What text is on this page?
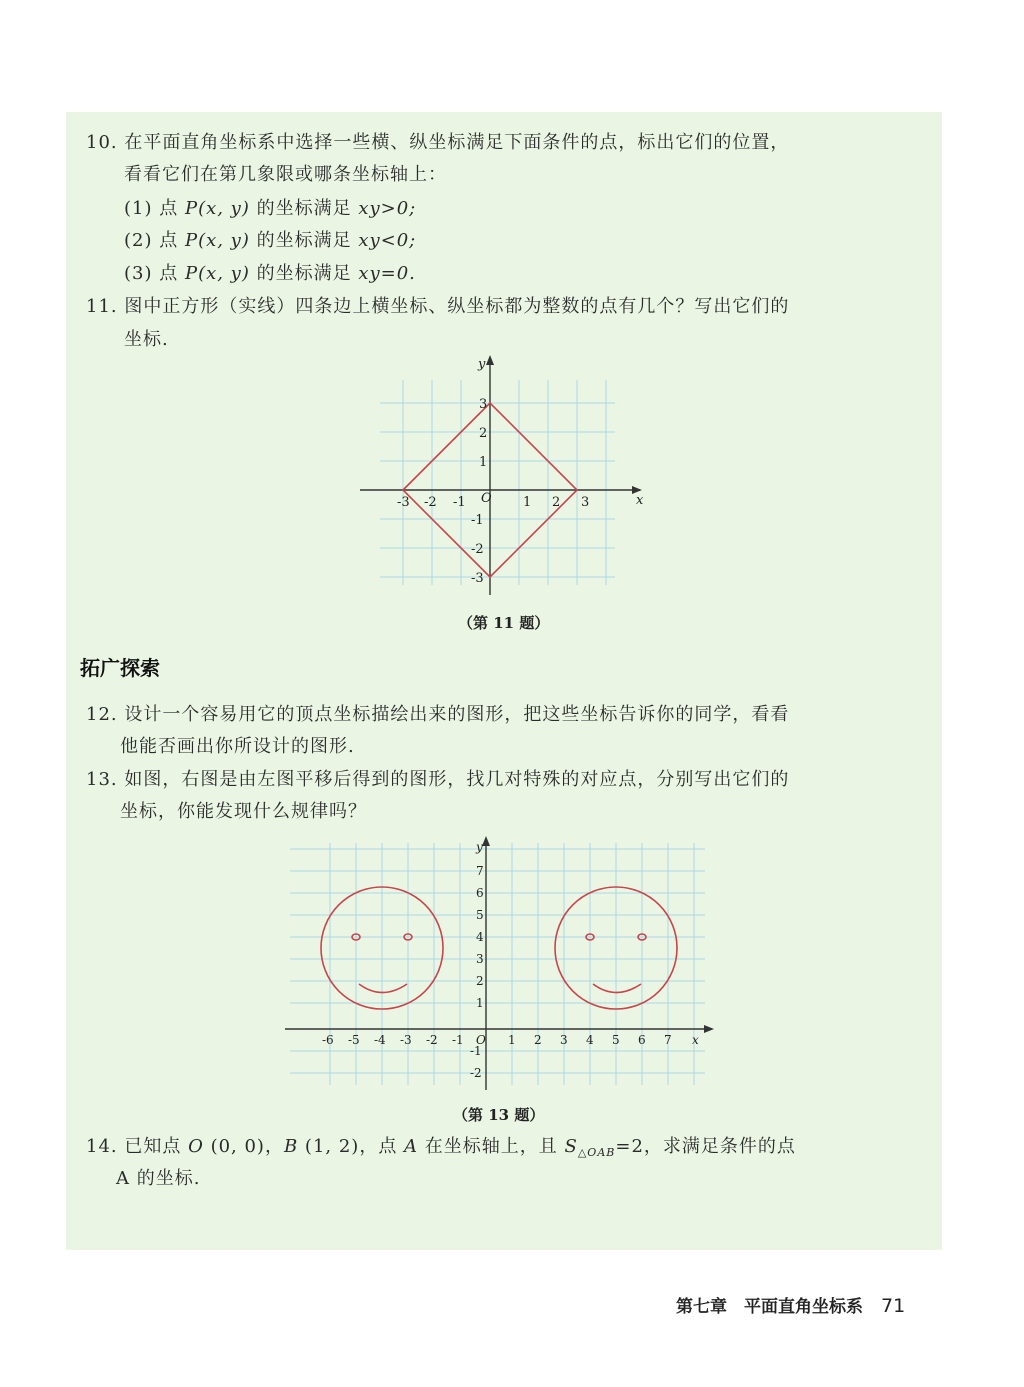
10. 在平面直角坐标系中选择一些横、纵坐标满足下面条件的点，标出它们的位置，
看看它们在第几象限或哪条坐标轴上：
(1) 点 P(x, y) 的坐标满足 xy>0;
(2) 点 P(x, y) 的坐标满足 xy<0;
(3) 点 P(x, y) 的坐标满足 xy=0.
11. 图中正方形（实线）四条边上横坐标、纵坐标都为整数的点有几个？写出它们的
坐标.
-3 -2 -1	1 2 3
3
2
1
-1
-2
-3
O	x
y
（第 11 题）
拓广探索
12. 设计一个容易用它的顶点坐标描绘出来的图形，把这些坐标告诉你的同学，看看
他能否画出你所设计的图形.
13. 如图，右图是由左图平移后得到的图形，找几对特殊的对应点，分别写出它们的
坐标，你能发现什么规律吗？
-6 -5 -4 -3 -2 -1	1 2 3 4 5 6 7
7
6
5
4
3
2
1
-1
-2
O	x
y
（第 13 题）
14. 已知点 O (0, 0)，B (1, 2)，点 A 在坐标轴上，且 $S_{\triangle OAB}=2$，求满足条件的点
A 的坐标.
第七章　平面直角坐标系 71
